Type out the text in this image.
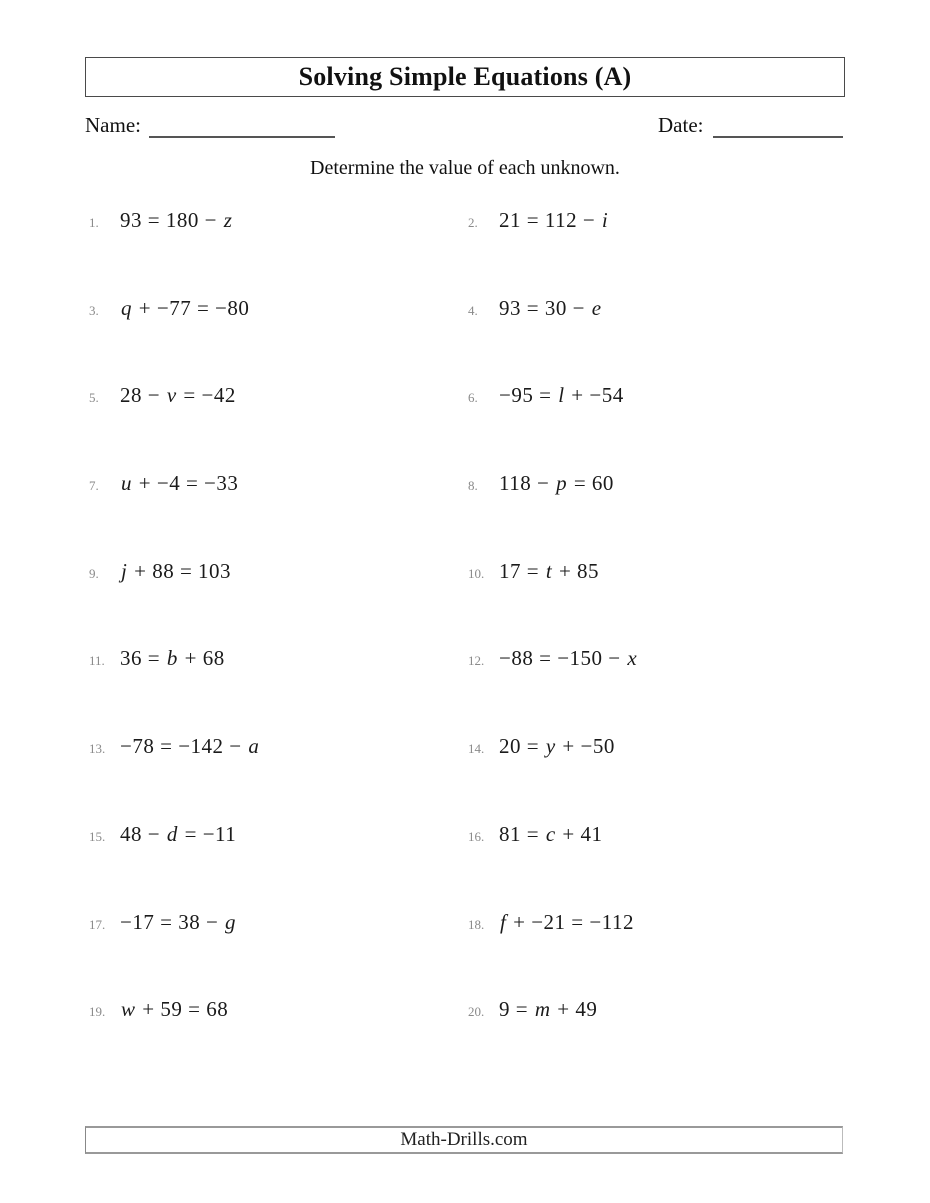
Solving Simple Equations (A)
Name:	Date:
Determine the value of each unknown.
1.	93 = 180 − z	2.	21 = 112 − i
3.	q + −77 = −80	4.	93 = 30 − e
5.	28 − v = −42	6.	−95 = l + −54
7.	u + −4 = −33	8.	118 − p = 60
9.	j + 88 = 103	10. 17 = t + 85
11. 36 = b + 68	12. −88 = −150 − x
13. −78 = −142 − a	14. 20 = y + −50
15. 48 − d = −11	16. 81 = c + 41
17. −17 = 38 − g	18. f + −21 = −112
19. w + 59 = 68	20. 9 = m + 49
Math-Drills.com
